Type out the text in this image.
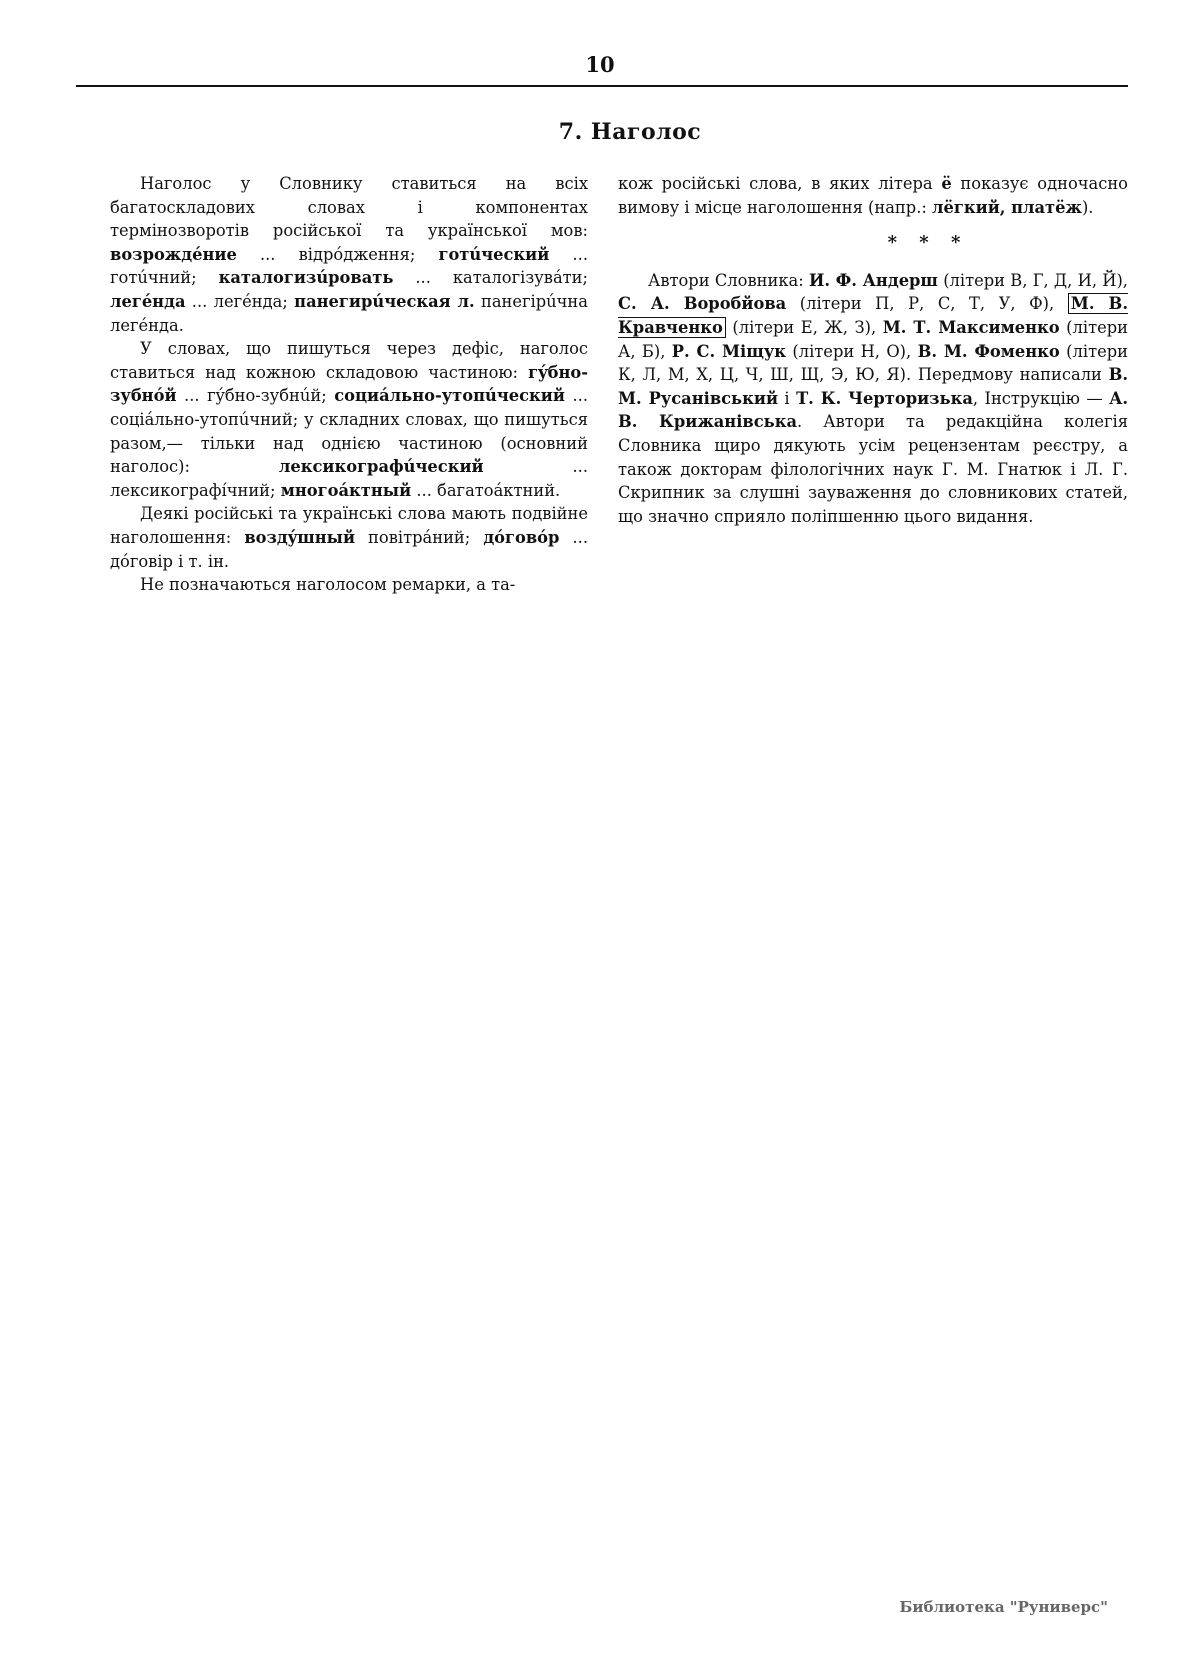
10
7. Наголос

Наголос у Словнику ставиться на всіх багатоскладових словах і компонентах термінозворотів російської та української мов: возрождéние ... відрóдження; готúческий ... готúчний; каталогизúровать ... каталогізувáти; легéнда ... легéнда; панегирúческая л. панегірúчна легéнда.

У словах, що пишуться через дефіс, наголос ставиться над кожною складовою частиною: гýбно-зубнóй ... гýбно-зубнúй; социáльно-утопúческий ... соціáльно-утопúчний; у складних словах, що пишуться разом,— тільки над однією частиною (основний наголос): лексикографúческий ... лексикографíчний; многоáктный ... багатоáктний.

Деякі російські та українські слова мають подвійне наголошення: воздýшный повітрáний; дóговóр ... дóговір і т. ін.

Не позначаються наголосом ремарки, а та-

кож російські слова, в яких літера ё показує одночасно вимову і місце наголошення (напр.: лёгкий, платёж).

* * *

Автори Словника: И. Ф. Андерш (літери В, Г, Д, И, Й), С. А. Воробйова (літери П, Р, С, Т, У, Ф), М. В. Кравченко (літери Е, Ж, З), М. Т. Максименко (літери А, Б), Р. С. Міщук (літери Н, О), В. М. Фоменко (літери К, Л, М, Х, Ц, Ч, Ш, Щ, Э, Ю, Я). Передмову написали В. М. Русанівський і Т. К. Черторизька, Інструкцію — А. В. Крижанівська. Автори та редакційна колегія Словника щиро дякують усім рецензентам реєстру, а також докторам філологічних наук Г. М. Гнатюк і Л. Г. Скрипник за слушні зауваження до словникових статей, що значно сприяло поліпшенню цього видання.

Библиотека "Руниверс"
